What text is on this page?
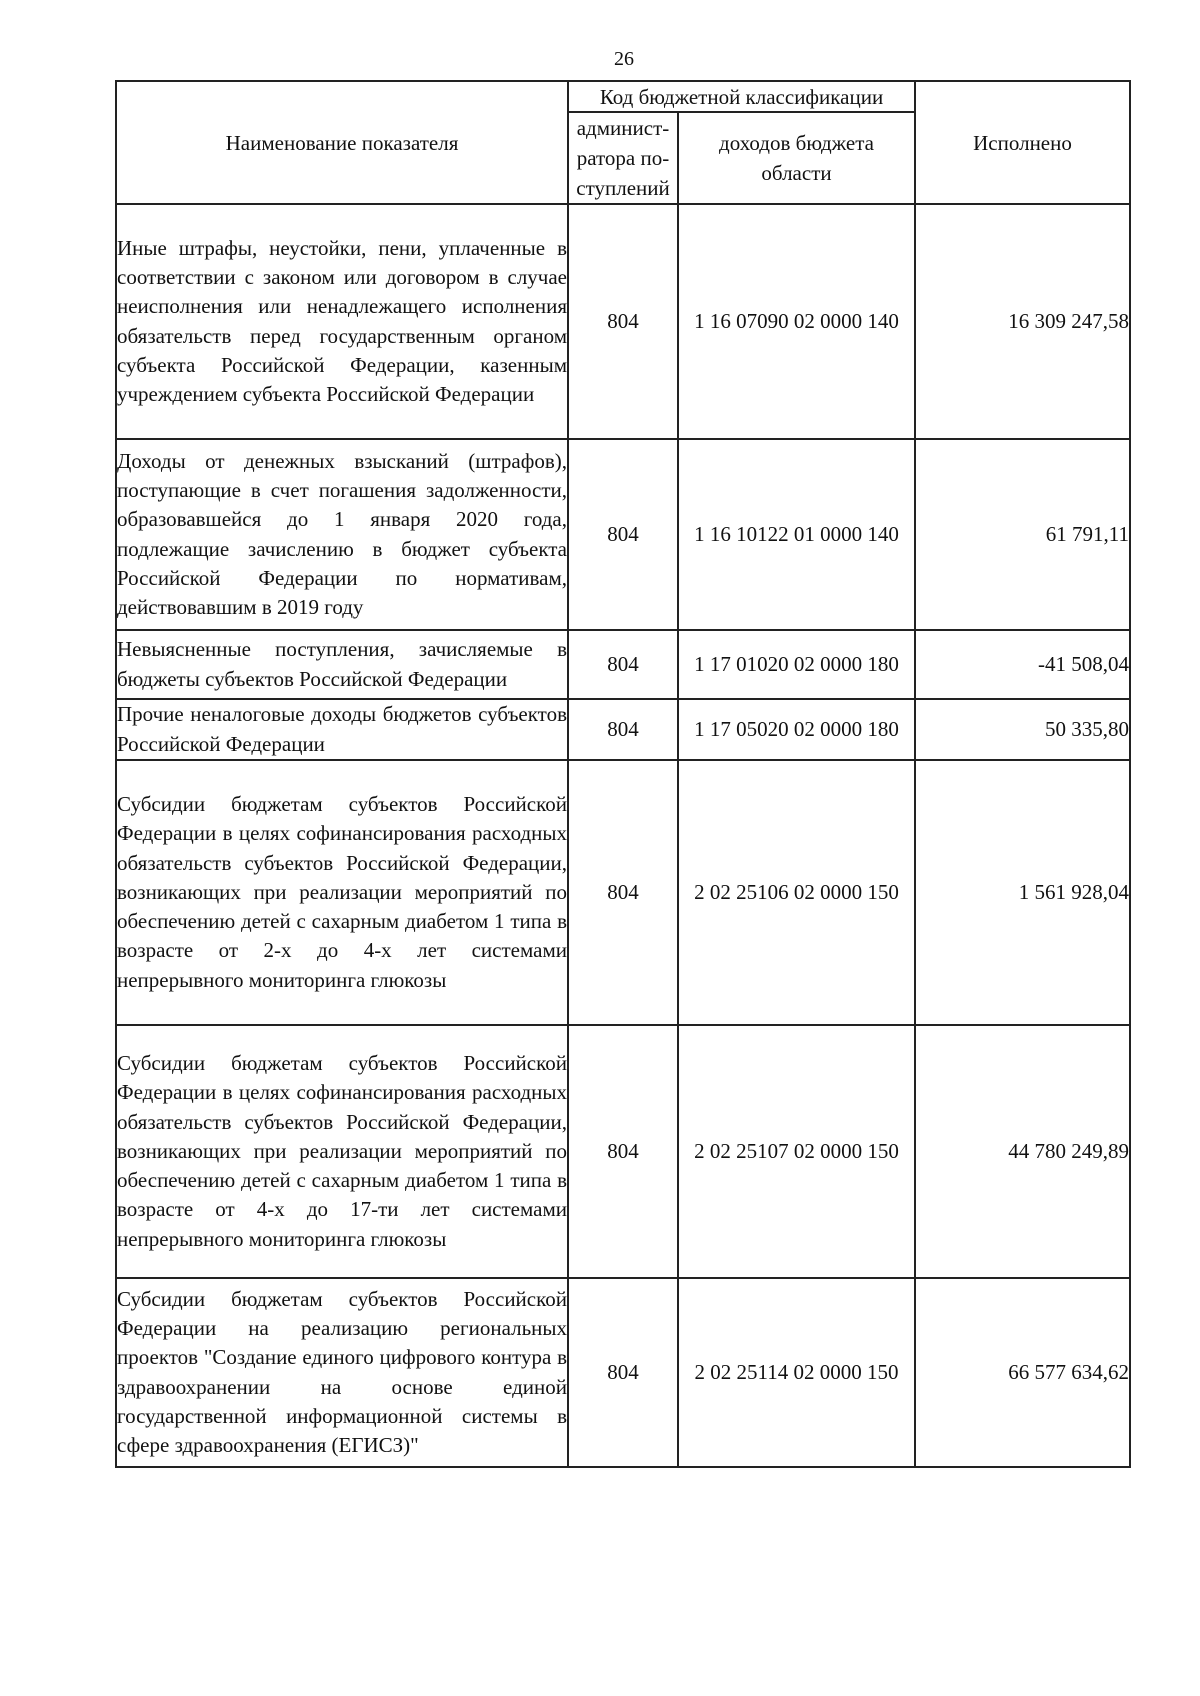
26
Наименование показателя	Код бюджетной классификации		Исполнено
	админист-
ратора по-
ступлений	доходов бюджета
области	
Иные штрафы, неустойки, пени, уплаченные в соответствии с законом или договором в случае неисполнения или ненадлежащего исполнения обязательств перед государственным органом субъекта Российской Федерации, казенным учреждением субъекта Российской Федерации	804	1 16 07090 02 0000 140	16 309 247,58
Доходы от денежных взысканий (штрафов), поступающие в счет погашения задолженности, образовавшейся до 1 января 2020 года, подлежащие зачислению в бюджет субъекта Российской Федерации по нормативам, действовавшим в 2019 году	804	1 16 10122 01 0000 140	61 791,11
Невыясненные поступления, зачисляемые в бюджеты субъектов Российской Федерации	804	1 17 01020 02 0000 180	-41 508,04
Прочие неналоговые доходы бюджетов субъектов Российской Федерации	804	1 17 05020 02 0000 180	50 335,80
Субсидии бюджетам субъектов Российской Федерации в целях софинансирования расходных обязательств субъектов Российской Федерации, возникающих при реализации мероприятий по обеспечению детей с сахарным диабетом 1 типа в возрасте от 2-х до 4-х лет системами непрерывного мониторинга глюкозы	804	2 02 25106 02 0000 150	1 561 928,04
Субсидии бюджетам субъектов Российской Федерации в целях софинансирования расходных обязательств субъектов Российской Федерации, возникающих при реализации мероприятий по обеспечению детей с сахарным диабетом 1 типа в возрасте от 4-х до 17-ти лет системами непрерывного мониторинга глюкозы	804	2 02 25107 02 0000 150	44 780 249,89
Субсидии бюджетам субъектов Российской Федерации на реализацию региональных проектов "Создание единого цифрового контура в здравоохранении на основе единой государственной информационной системы в сфере здравоохранения (ЕГИСЗ)"	804	2 02 25114 02 0000 150	66 577 634,62
